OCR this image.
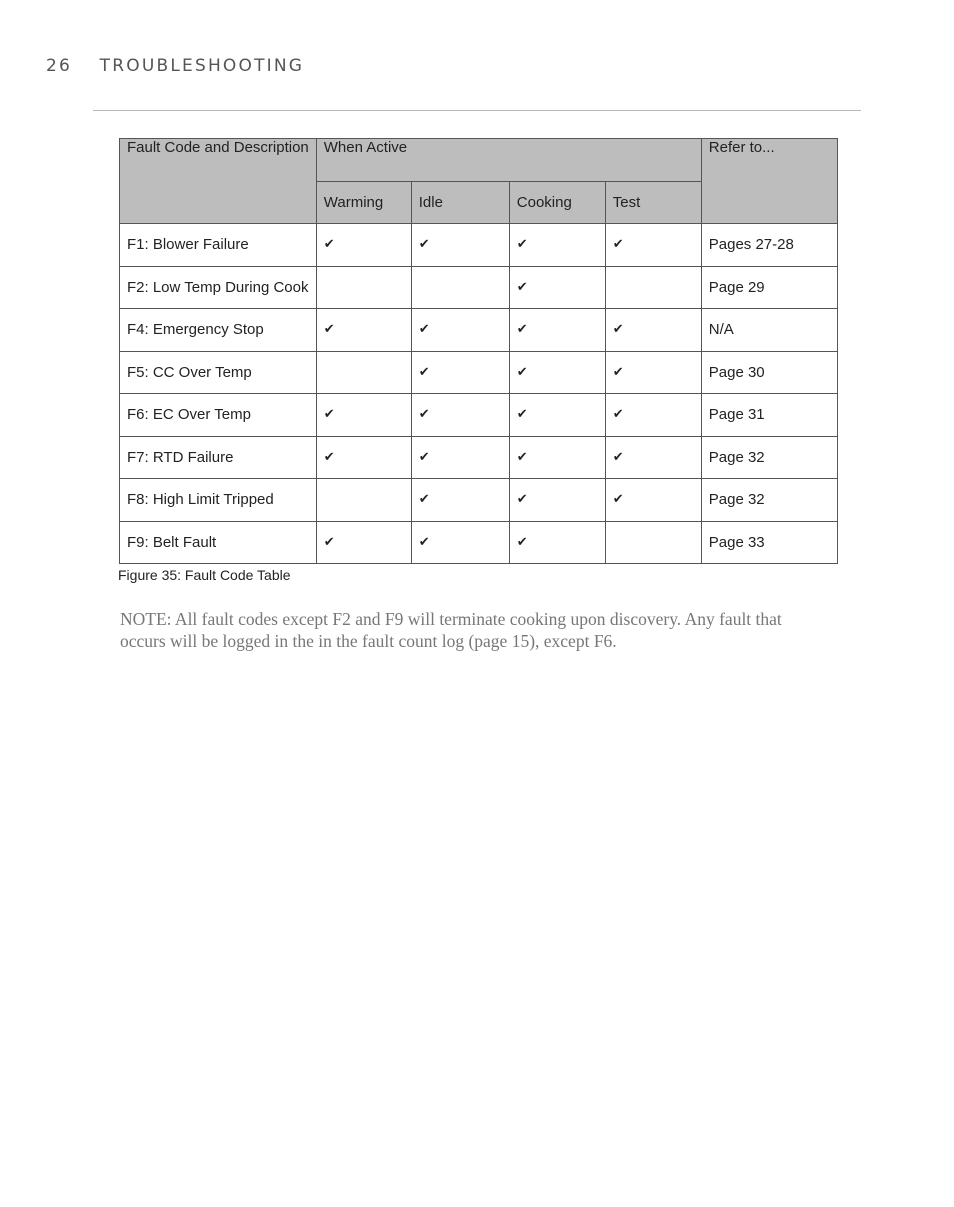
26 TROUBLESHOOTING
Fault Code and Description	When Active				Refer to...
	Warming	Idle	Cooking	Test	
F1: Blower Failure	✔	✔	✔	✔	Pages 27-28
F2: Low Temp During Cook			✔		Page 29
F4: Emergency Stop	✔	✔	✔	✔	N/A
F5: CC Over Temp		✔	✔	✔	Page 30
F6: EC Over Temp	✔	✔	✔	✔	Page 31
F7: RTD Failure	✔	✔	✔	✔	Page 32
F8: High Limit Tripped		✔	✔	✔	Page 32
F9: Belt Fault	✔	✔	✔		Page 33
Figure 35: Fault Code Table
NOTE: All fault codes except F2 and F9 will terminate cooking upon discovery. Any fault that occurs will be logged in the in the fault count log (page 15), except F6.
